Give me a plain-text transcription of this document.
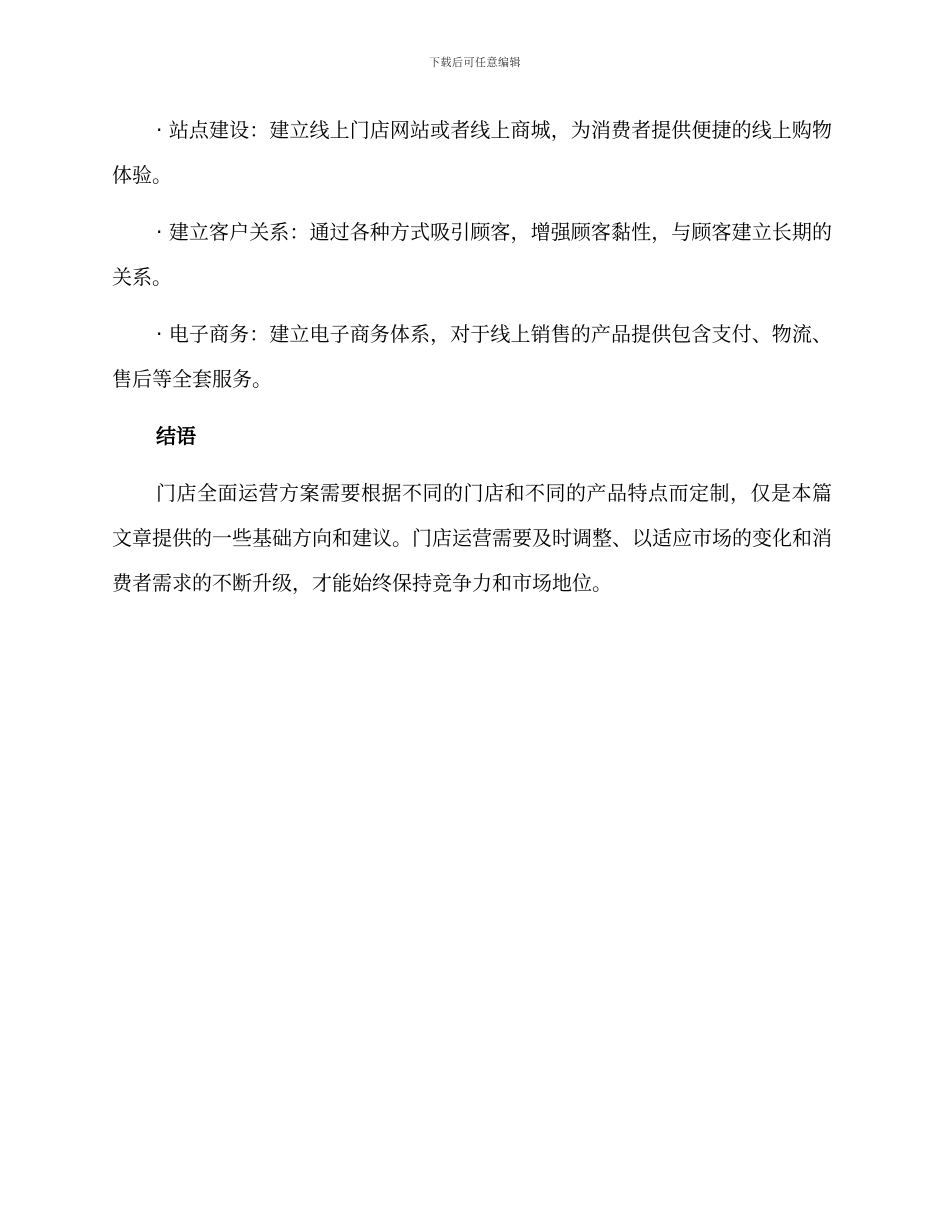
下载后可任意编辑

· 站点建设：建立线上门店网站或者线上商城，为消费者提供便捷的线上购物体验。

· 建立客户关系：通过各种方式吸引顾客，增强顾客黏性，与顾客建立长期的关系。

· 电子商务：建立电子商务体系，对于线上销售的产品提供包含支付、物流、售后等全套服务。

结语

门店全面运营方案需要根据不同的门店和不同的产品特点而定制，仅是本篇文章提供的一些基础方向和建议。门店运营需要及时调整、以适应市场的变化和消费者需求的不断升级，才能始终保持竞争力和市场地位。
